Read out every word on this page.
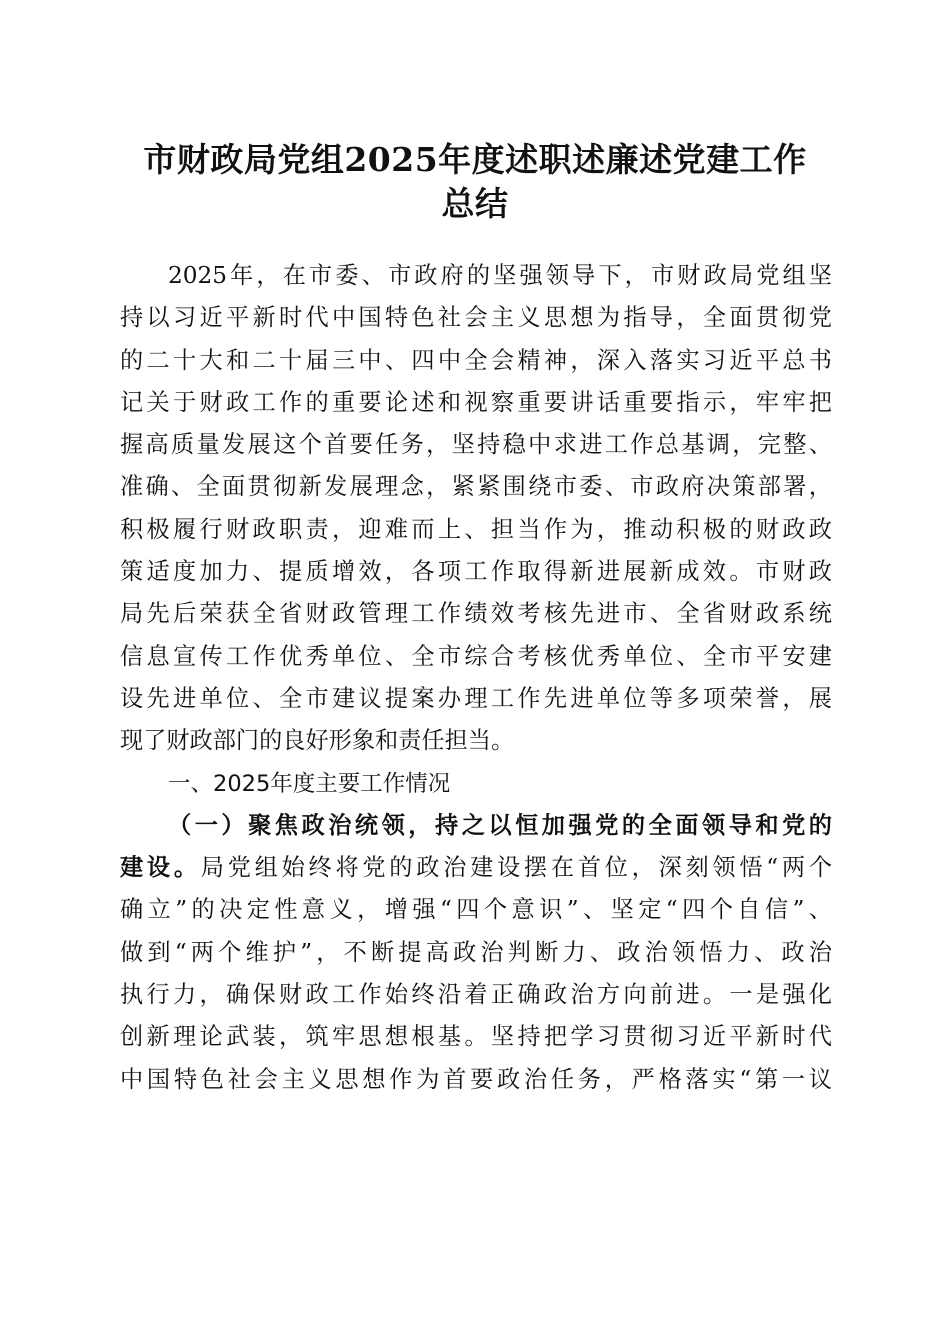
市财政局党组2025年度述职述廉述党建工作
总结
2025年，在市委、市政府的坚强领导下，市财政局党组坚
持以习近平新时代中国特色社会主义思想为指导，全面贯彻党
的二十大和二十届三中、四中全会精神，深入落实习近平总书
记关于财政工作的重要论述和视察重要讲话重要指示，牢牢把
握高质量发展这个首要任务，坚持稳中求进工作总基调，完整、
准确、全面贯彻新发展理念，紧紧围绕市委、市政府决策部署，
积极履行财政职责，迎难而上、担当作为，推动积极的财政政
策适度加力、提质增效，各项工作取得新进展新成效。市财政
局先后荣获全省财政管理工作绩效考核先进市、全省财政系统
信息宣传工作优秀单位、全市综合考核优秀单位、全市平安建
设先进单位、全市建议提案办理工作先进单位等多项荣誉，展
现了财政部门的良好形象和责任担当。
一、2025年度主要工作情况
（一）聚焦政治统领，持之以恒加强党的全面领导和党的
建设。局党组始终将党的政治建设摆在首位，深刻领悟“两个
确立”的决定性意义，增强“四个意识”、坚定“四个自信”、
做到“两个维护”，不断提高政治判断力、政治领悟力、政治
执行力，确保财政工作始终沿着正确政治方向前进。一是强化
创新理论武装，筑牢思想根基。坚持把学习贯彻习近平新时代
中国特色社会主义思想作为首要政治任务，严格落实“第一议
